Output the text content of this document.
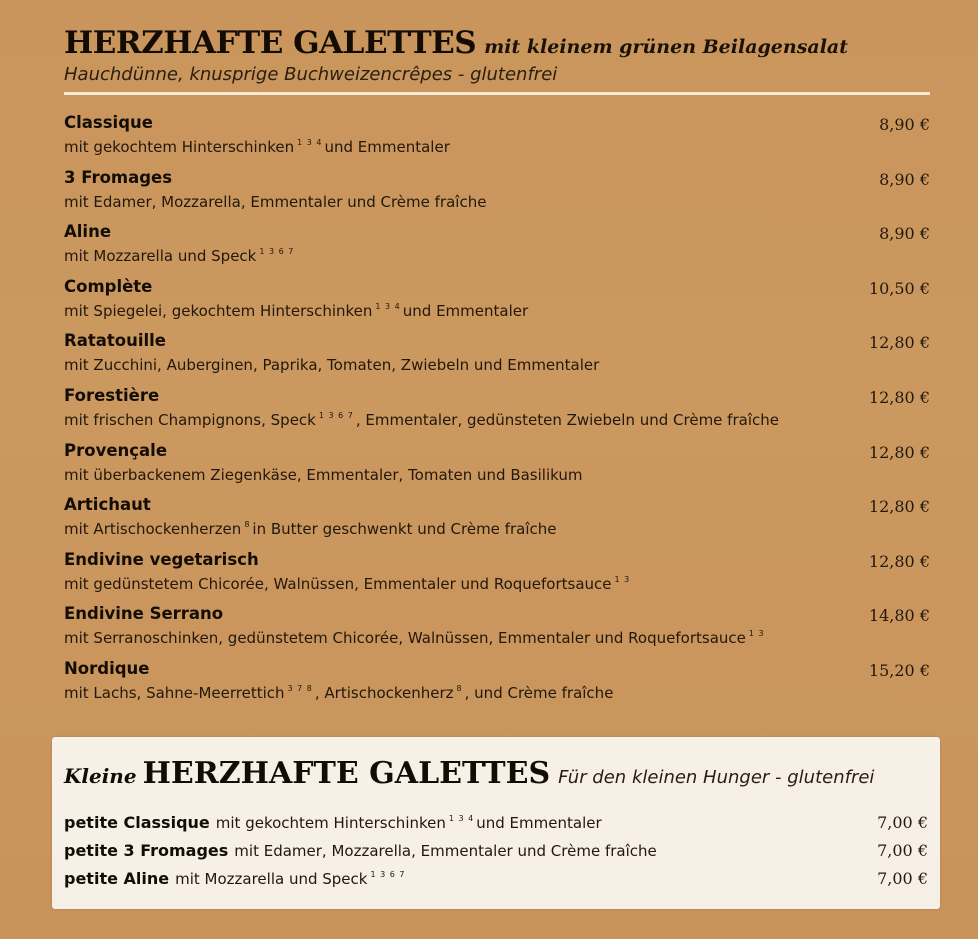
HERZHAFTE GALETTES mit kleinem grünen Beilagensalat
Hauchdünne, knusprige Buchweizencrêpes - glutenfrei
Classique
mit gekochtem Hinterschinken $^{1 3 4}$ und Emmentaler
8,90 €
3 Fromages
mit Edamer, Mozzarella, Emmentaler und Crème fraîche
8,90 €
Aline
mit Mozzarella und Speck $^{1 3 6 7}$
8,90 €
Complète
mit Spiegelei, gekochtem Hinterschinken $^{1 3 4}$ und Emmentaler
10,50 €
Ratatouille
mit Zucchini, Auberginen, Paprika, Tomaten, Zwiebeln und Emmentaler
12,80 €
Forestière
mit frischen Champignons, Speck $^{1 3 6 7}$ , Emmentaler, gedünsteten Zwiebeln und Crème fraîche
12,80 €
Provençale
mit überbackenem Ziegenkäse, Emmentaler, Tomaten und Basilikum
12,80 €
Artichaut
mit Artischockenherzen $^8$ in Butter geschwenkt und Crème fraîche
12,80 €
Endivine vegetarisch
mit gedünstetem Chicorée, Walnüssen, Emmentaler und Roquefortsauce $^{1 3}$
12,80 €
Endivine Serrano
mit Serranoschinken, gedünstetem Chicorée, Walnüssen, Emmentaler und Roquefortsauce $^{1 3}$
14,80 €
Nordique
mit Lachs, Sahne-Meerrettich $^{3 7 8}$ , Artischockenherz $^8$ , und Crème fraîche
15,20 €
Kleine HERZHAFTE GALETTES Für den kleinen Hunger - glutenfrei
petite Classique mit gekochtem Hinterschinken $^{1 3 4}$ und Emmentaler	7,00 €
petite 3 Fromages mit Edamer, Mozzarella, Emmentaler und Crème fraîche	7,00 €
petite Aline mit Mozzarella und Speck $^{1 3 6 7}$	7,00 €
